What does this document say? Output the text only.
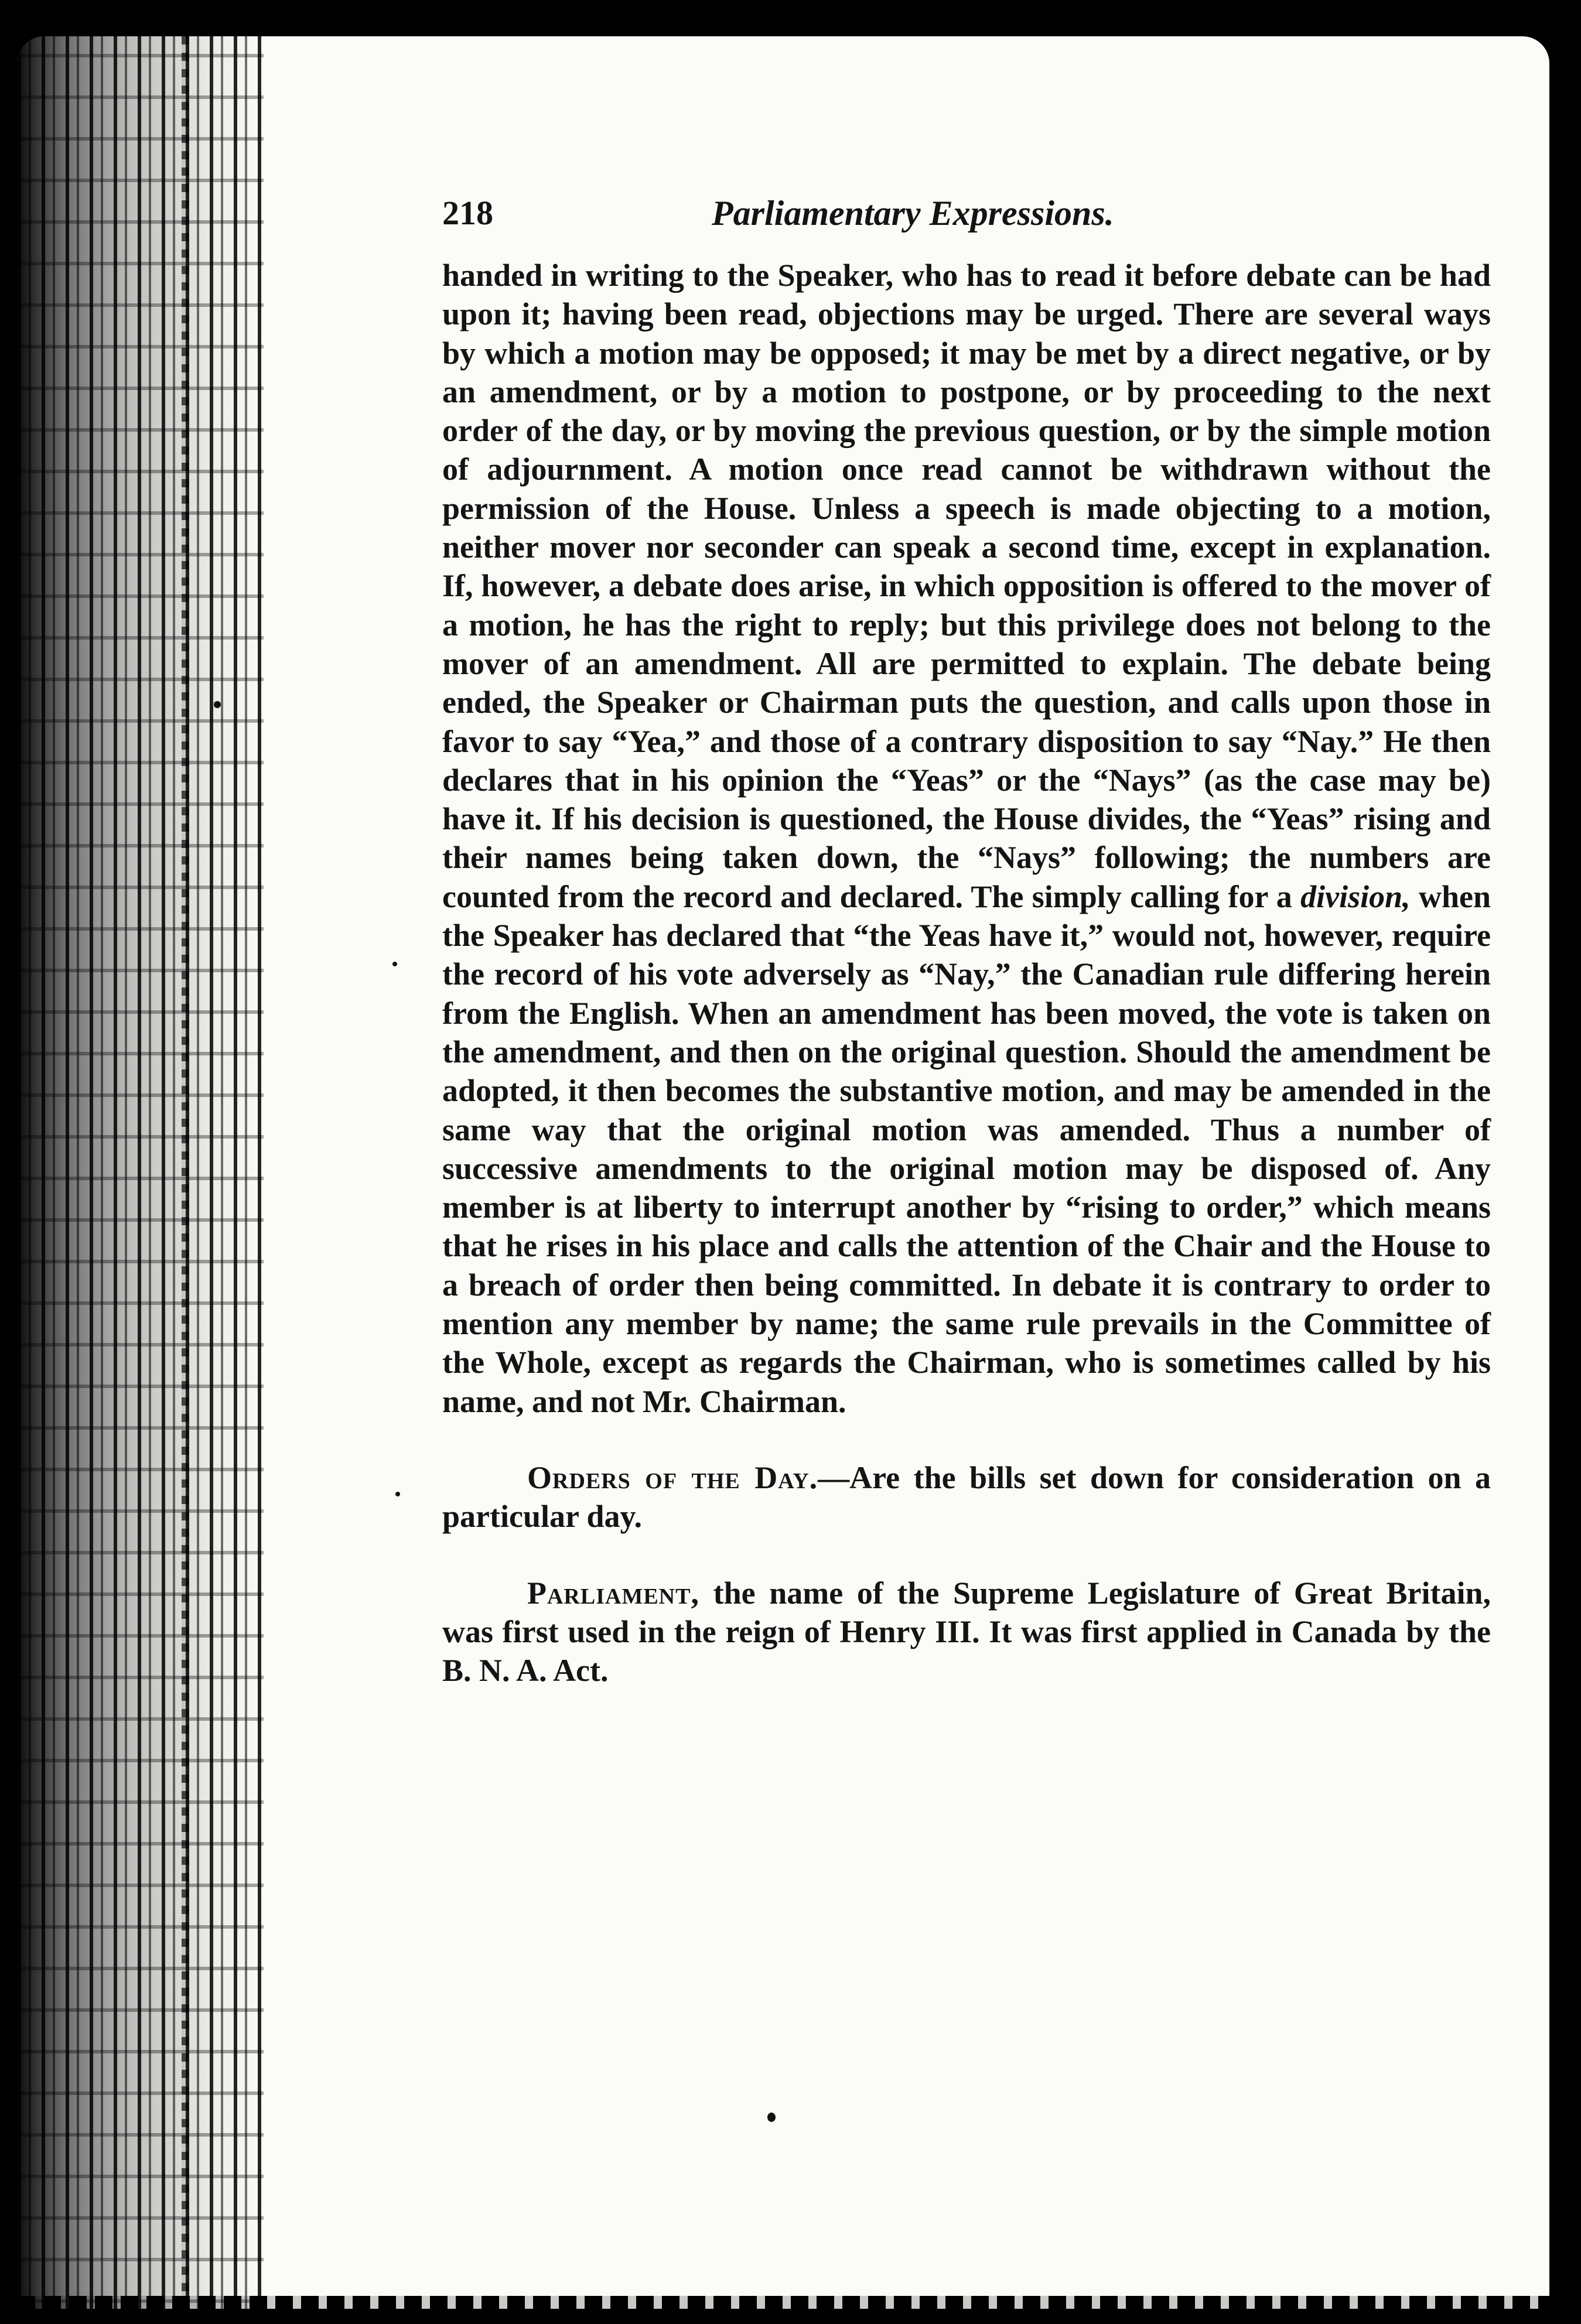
218	Parliamentary Expressions.

handed in writing to the Speaker, who has to read it before debate can be had upon it; having been read, objections may be urged. There are several ways by which a motion may be opposed; it may be met by a direct negative, or by an amendment, or by a motion to postpone, or by proceeding to the next order of the day, or by moving the previous question, or by the simple motion of adjournment. A motion once read cannot be withdrawn without the permission of the House. Unless a speech is made objecting to a motion, neither mover nor seconder can speak a second time, except in explanation. If, however, a debate does arise, in which opposition is offered to the mover of a motion, he has the right to reply; but this privilege does not belong to the mover of an amendment. All are permitted to explain. The debate being ended, the Speaker or Chairman puts the question, and calls upon those in favor to say “Yea,” and those of a contrary disposition to say “Nay.” He then declares that in his opinion the “Yeas” or the “Nays” (as the case may be) have it. If his decision is questioned, the House divides, the “Yeas” rising and their names being taken down, the “Nays” following; the numbers are counted from the record and declared. The simply calling for a division, when the Speaker has declared that “the Yeas have it,” would not, however, require the record of his vote adversely as “Nay,” the Canadian rule differing herein from the English. When an amendment has been moved, the vote is taken on the amendment, and then on the original question. Should the amendment be adopted, it then becomes the substantive motion, and may be amended in the same way that the original motion was amended. Thus a number of successive amendments to the original motion may be disposed of. Any member is at liberty to interrupt another by “rising to order,” which means that he rises in his place and calls the attention of the Chair and the House to a breach of order then being committed. In debate it is contrary to order to mention any member by name; the same rule prevails in the Committee of the Whole, except as regards the Chairman, who is sometimes called by his name, and not Mr. Chairman.

Orders of the Day.—Are the bills set down for consideration on a particular day.

Parliament, the name of the Supreme Legislature of Great Britain, was first used in the reign of Henry III. It was first applied in Canada by the B. N. A. Act.
